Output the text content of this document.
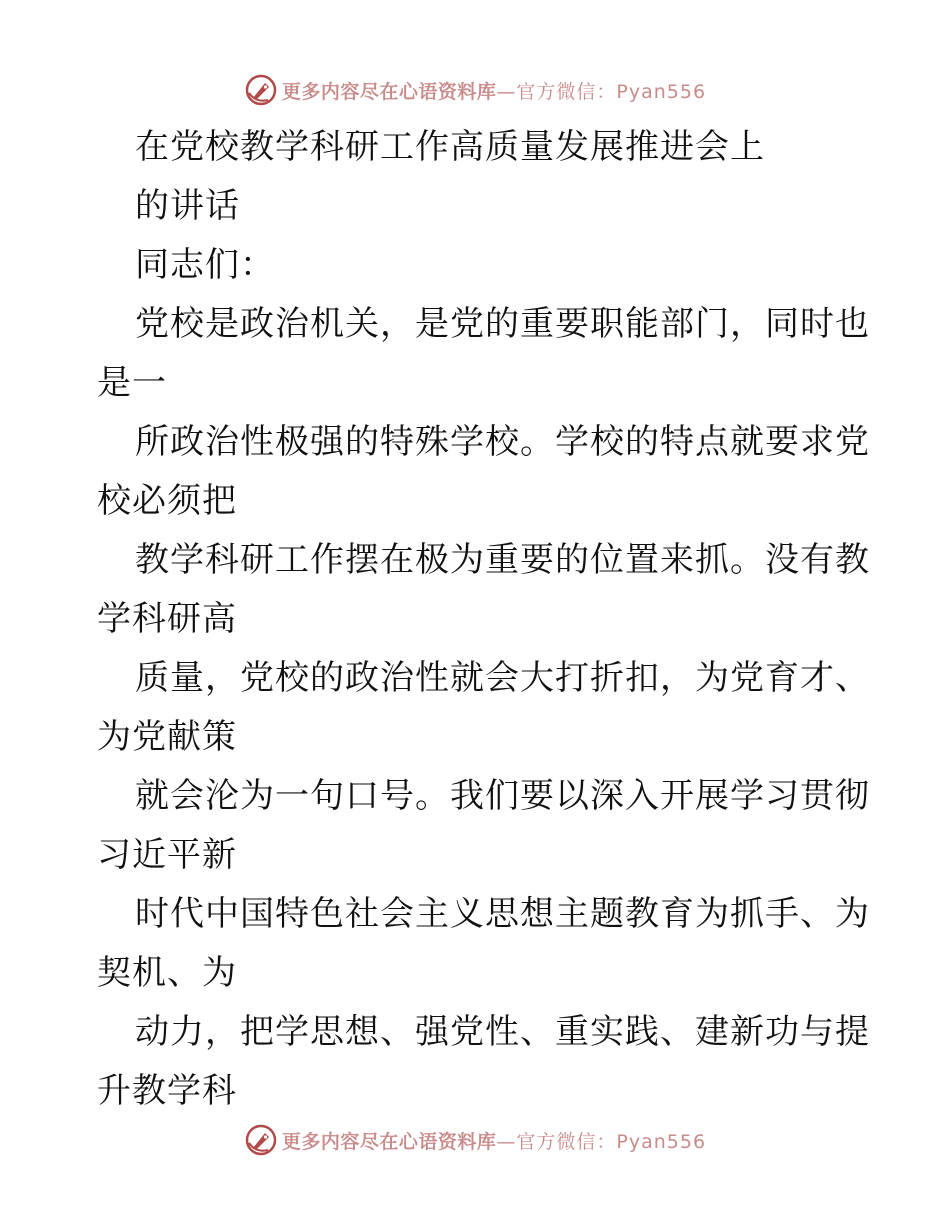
更多内容尽在心语资料库 —官方微信：Pyan556
在党校教学科研工作高质量发展推进会上
的讲话
同志们：
党校是政治机关，是党的重要职能部门，同时也
是一
所政治性极强的特殊学校。学校的特点就要求党
校必须把
教学科研工作摆在极为重要的位置来抓。没有教
学科研高
质量，党校的政治性就会大打折扣，为党育才、
为党献策
就会沦为一句口号。我们要以深入开展学习贯彻
习近平新
时代中国特色社会主义思想主题教育为抓手、为
契机、为
动力，把学思想、强党性、重实践、建新功与提
升教学科
更多内容尽在心语资料库 —官方微信：Pyan556
